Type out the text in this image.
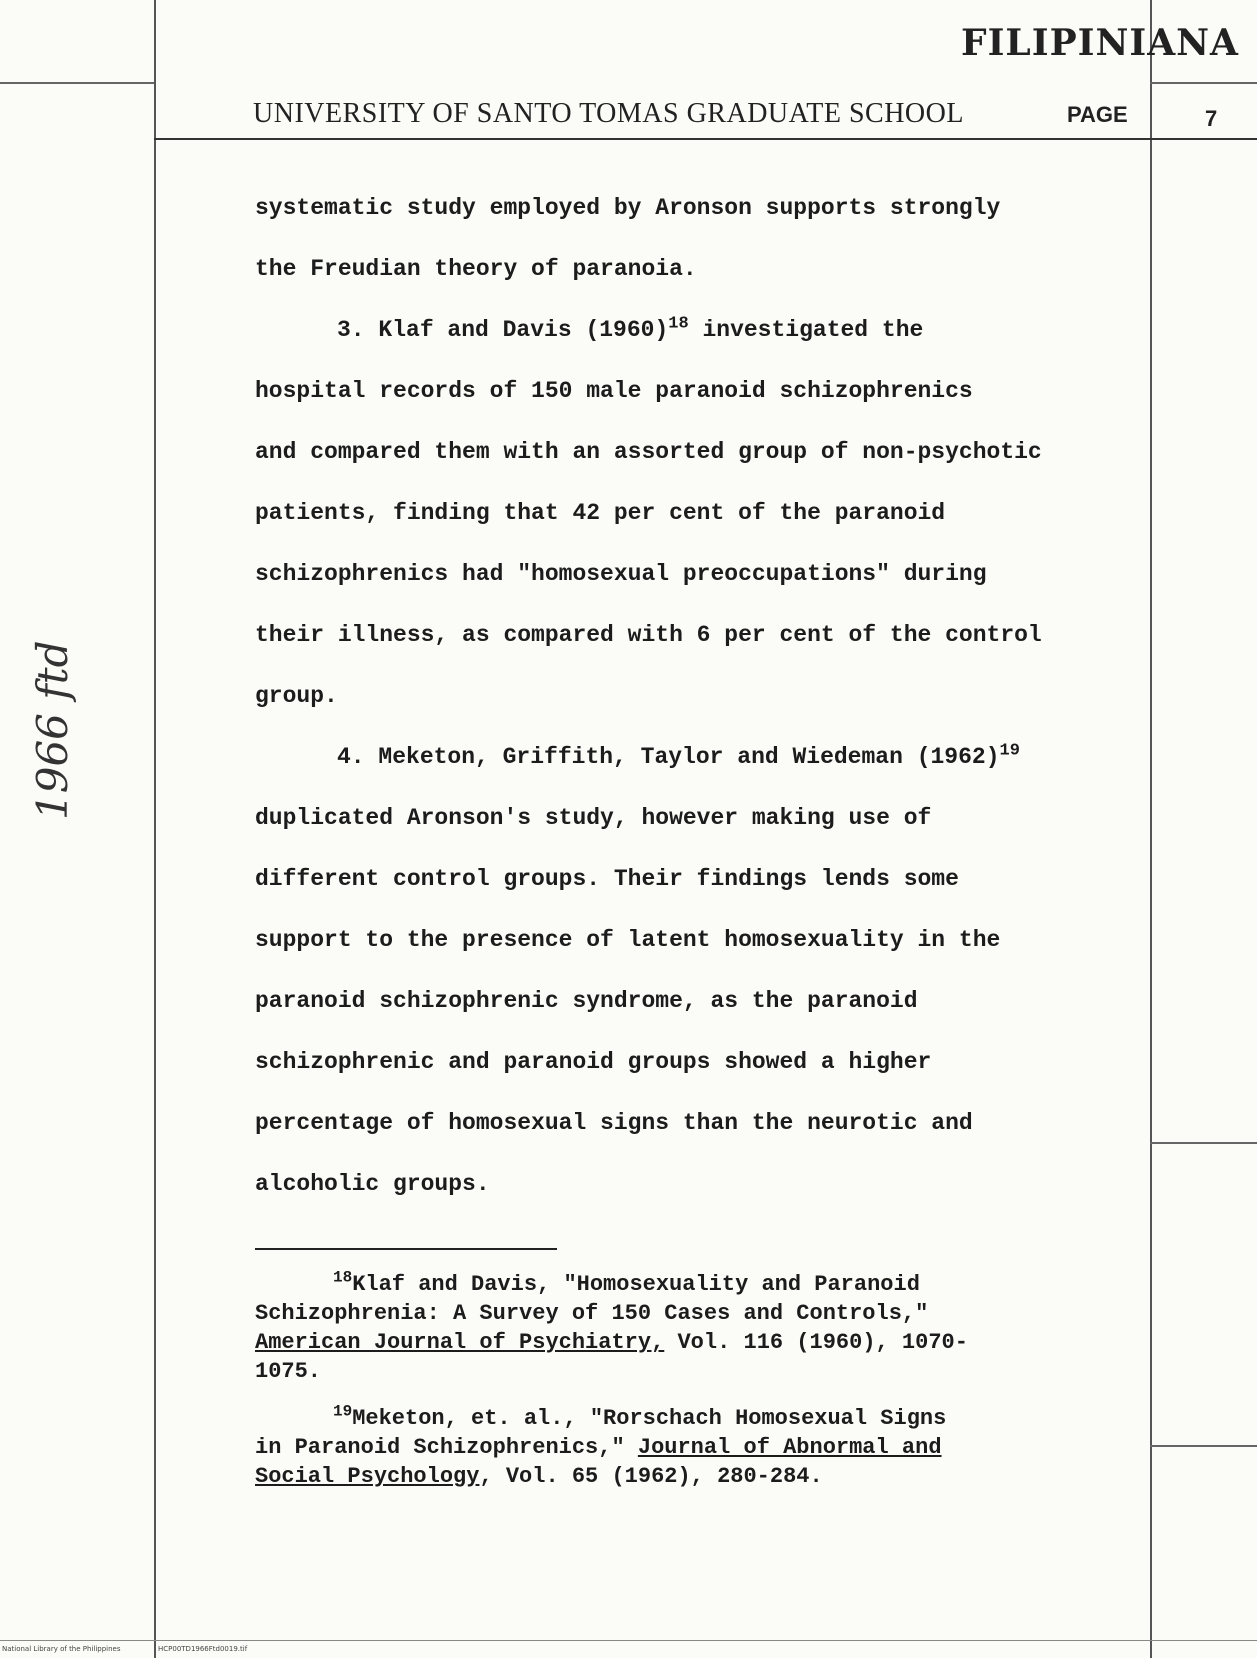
FILIPINIANA
UNIVERSITY OF SANTO TOMAS GRADUATE SCHOOL	PAGE	7
1966 ftd
systematic study employed by Aronson supports strongly
the Freudian theory of paranoia.
3. Klaf and Davis $(1960)^{18}$ investigated the
hospital records of 150 male paranoid schizophrenics
and compared them with an assorted group of non-psychotic
patients, finding that 42 per cent of the paranoid
schizophrenics had "homosexual preoccupations" during
their illness, as compared with 6 per cent of the control
group.
4. Meketon, Griffith, Taylor and Wiedeman $(1962)^{19}$
duplicated Aronson's study, however making use of
different control groups. Their findings lends some
support to the presence of latent homosexuality in the
paranoid schizophrenic syndrome, as the paranoid
schizophrenic and paranoid groups showed a higher
percentage of homosexual signs than the neurotic and
alcoholic groups.
$^{18}$Klaf and Davis, "Homosexuality and Paranoid
Schizophrenia: A Survey of 150 Cases and Controls,"
American Journal of Psychiatry, Vol. 116 (1960), 1070-
1075.
$^{19}$Meketon, et. al., "Rorschach Homosexual Signs
in Paranoid Schizophrenics," Journal of Abnormal and
Social Psychology, Vol. 65 (1962), 280-284.
National Library of the Philippines	HCP00TD1966Ftd0019.tif
